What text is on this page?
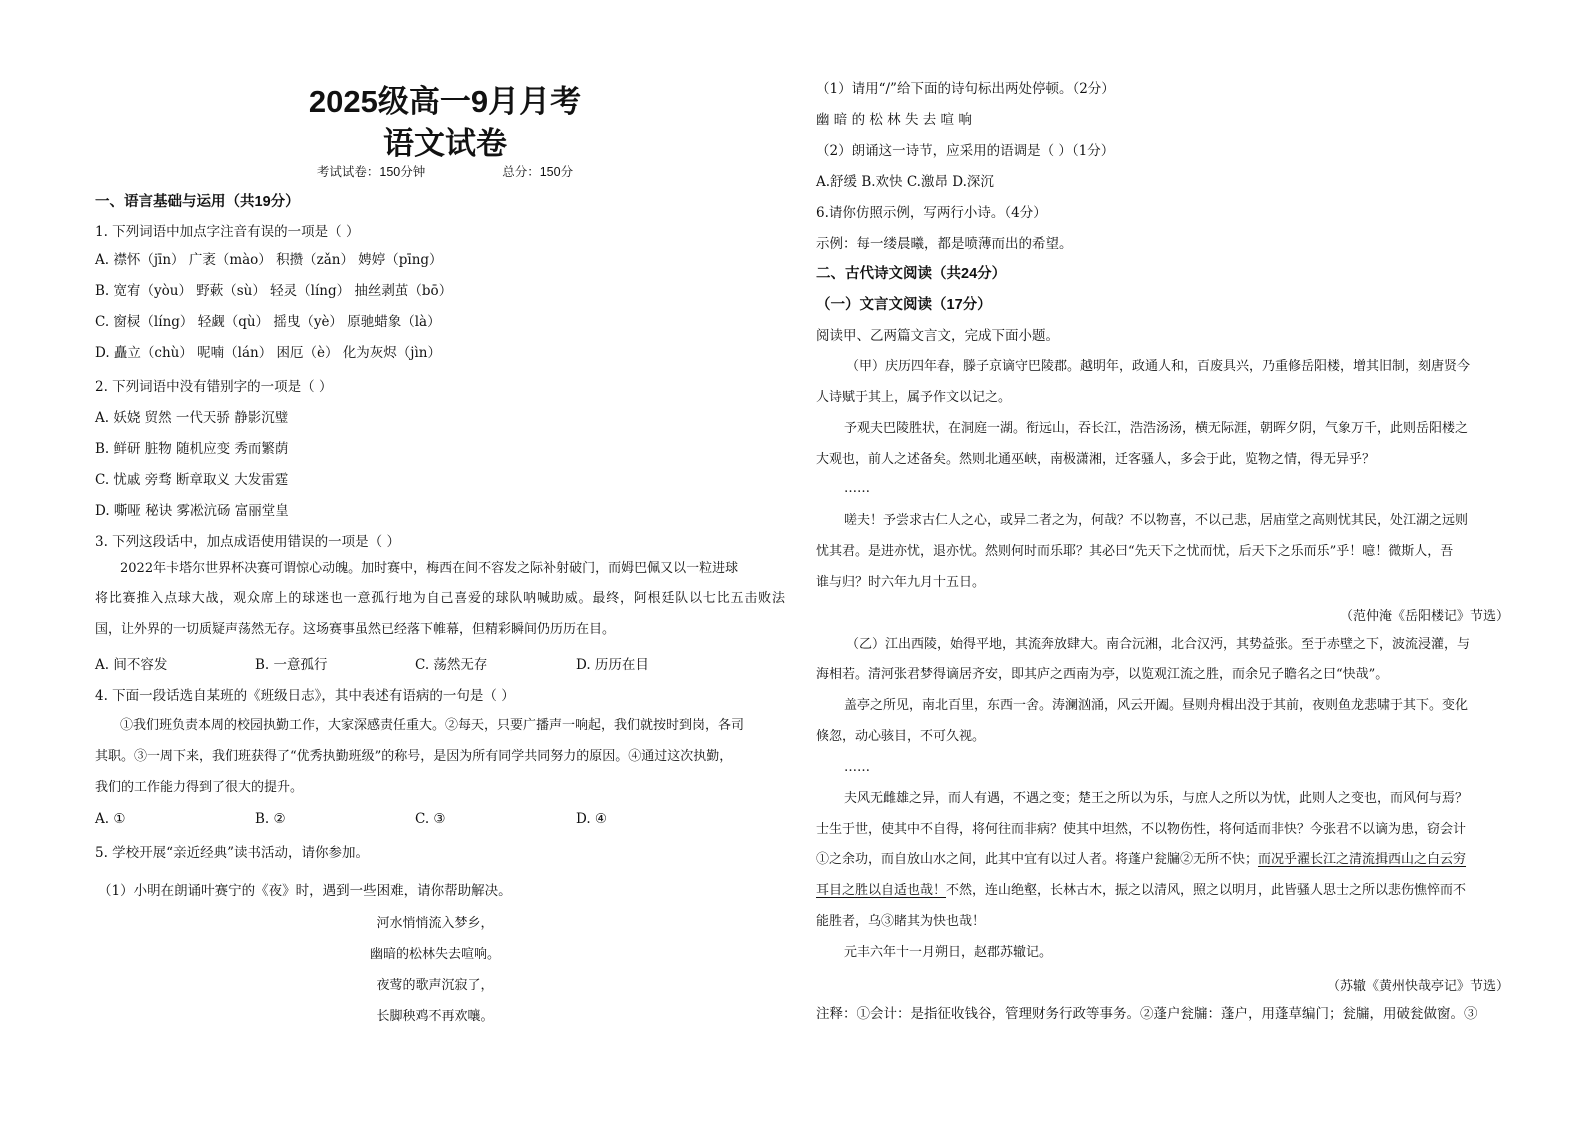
2025级高一9月月考
语文试卷
考试试卷：150分钟	总分：150分
一、语言基础与运用（共19分）
1. 下列词语中加点字注音有误的一项是（ ）
A. 襟怀（jīn） 广袤（mào） 积攒（zǎn） 娉婷（pīng）
B. 宽宥（yòu） 野蔌（sù） 轻灵（líng） 抽丝剥茧（bō）
C. 窗棂（líng） 轻觑（qù） 摇曳（yè） 原驰蜡象（là）
D. 矗立（chù） 呢喃（lán） 困厄（è） 化为灰烬（jìn）
2. 下列词语中没有错别字的一项是（ ）
A. 妖娆 贸然 一代天骄 静影沉璧
B. 鲜研 脏物 随机应变 秀而繁荫
C. 忧戚 旁骛 断章取义 大发雷霆
D. 嘶哑 秘诀 雾凇沆砀 富丽堂皇
3. 下列这段话中，加点成语使用错误的一项是（ ）
2022年卡塔尔世界杯决赛可谓惊心动魄。加时赛中，梅西在间不容发之际补射破门，而姆巴佩又以一粒进球
将比赛推入点球大战，观众席上的球迷也一意孤行地为自己喜爱的球队呐喊助威。最终，阿根廷队以七比五击败法
国，让外界的一切质疑声荡然无存。这场赛事虽然已经落下帷幕，但精彩瞬间仍历历在目。
A. 间不容发	B. 一意孤行	C. 荡然无存	D. 历历在目
4. 下面一段话选自某班的《班级日志》，其中表述有语病的一句是（ ）
①我们班负责本周的校园执勤工作，大家深感责任重大。②每天，只要广播声一响起，我们就按时到岗，各司
其职。③一周下来，我们班获得了“优秀执勤班级”的称号，是因为所有同学共同努力的原因。④通过这次执勤，
我们的工作能力得到了很大的提升。
A. ①	B. ②	C. ③	D. ④
5. 学校开展“亲近经典”读书活动，请你参加。
（1）小明在朗诵叶赛宁的《夜》时，遇到一些困难，请你帮助解决。
河水悄悄流入梦乡，
幽暗的松林失去喧响。
夜莺的歌声沉寂了，
长脚秧鸡不再欢嚷。
（1）请用“/”给下面的诗句标出两处停顿。（2分）
幽 暗 的 松 林 失 去 喧 响
（2）朗诵这一诗节，应采用的语调是（ ）（1分）
A.舒缓 B.欢快 C.激昂 D.深沉
6.请你仿照示例，写两行小诗。（4分）
示例：每一缕晨曦，都是喷薄而出的希望。
二、古代诗文阅读（共24分）
（一）文言文阅读（17分）
阅读甲、乙两篇文言文，完成下面小题。
（甲）庆历四年春，滕子京谪守巴陵郡。越明年，政通人和，百废具兴，乃重修岳阳楼，增其旧制，刻唐贤今
人诗赋于其上，属予作文以记之。
予观夫巴陵胜状，在洞庭一湖。衔远山，吞长江，浩浩汤汤，横无际涯，朝晖夕阴，气象万千，此则岳阳楼之
大观也，前人之述备矣。然则北通巫峡，南极潇湘，迁客骚人，多会于此，览物之情，得无异乎？
……
嗟夫！予尝求古仁人之心，或异二者之为，何哉？不以物喜，不以己悲，居庙堂之高则忧其民，处江湖之远则
忧其君。是进亦忧，退亦忧。然则何时而乐耶？其必曰“先天下之忧而忧，后天下之乐而乐”乎！噫！微斯人，吾
谁与归？时六年九月十五日。
（范仲淹《岳阳楼记》节选）
（乙）江出西陵，始得平地，其流奔放肆大。南合沅湘，北合汉沔，其势益张。至于赤壁之下，波流浸灌，与
海相若。清河张君梦得谪居齐安，即其庐之西南为亭，以览观江流之胜，而余兄子瞻名之曰“快哉”。
盖亭之所见，南北百里，东西一舍。涛澜汹涌，风云开阖。昼则舟楫出没于其前，夜则鱼龙悲啸于其下。变化
倏忽，动心骇目，不可久视。
……
夫风无雌雄之异，而人有遇，不遇之变；楚王之所以为乐，与庶人之所以为忧，此则人之变也，而风何与焉？
士生于世，使其中不自得，将何往而非病？使其中坦然，不以物伤性，将何适而非快？今张君不以谪为患，窃会计
①之余功，而自放山水之间，此其中宜有以过人者。将蓬户瓮牖②无所不快；而况乎濯长江之清流揖西山之白云穷
耳目之胜以自适也哉！不然，连山绝壑，长林古木，振之以清风，照之以明月，此皆骚人思士之所以悲伤憔悴而不
能胜者，乌③睹其为快也哉！
元丰六年十一月朔日，赵郡苏辙记。
（苏辙《黄州快哉亭记》节选）
注释：①会计：是指征收钱谷，管理财务行政等事务。②蓬户瓮牖：蓬户，用蓬草编门；瓮牖，用破瓮做窗。③
